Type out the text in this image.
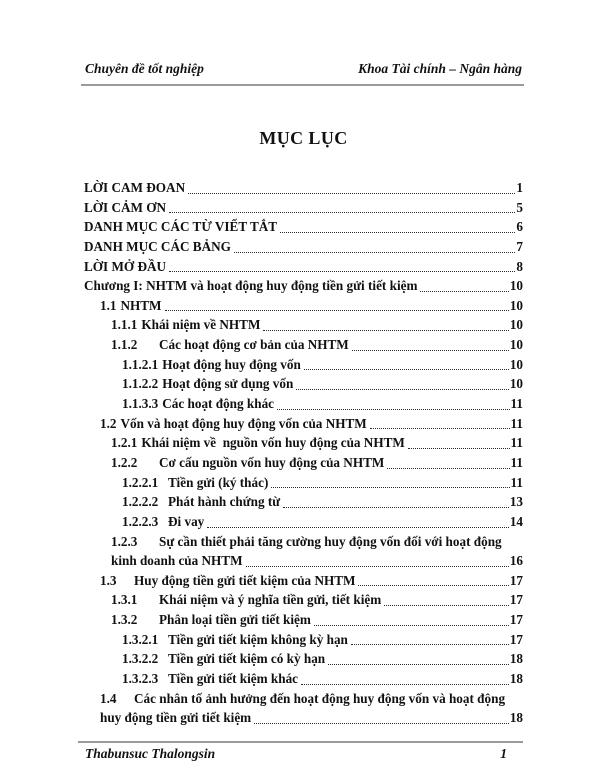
Chuyên đề tốt nghiệp	Khoa Tài chính – Ngân hàng
MỤC LỤC
LỜI CAM ĐOAN	1
LỜI CẢM ƠN	5
DANH MỤC CÁC TỪ VIẾT TẮT	6
DANH MỤC CÁC BẢNG	7
LỜI MỞ ĐẦU	8
Chương I: NHTM và hoạt động huy động tiền gửi tiết kiệm	10
1.1 NHTM	10
1.1.1 Khái niệm về NHTM	10
1.1.2	Các hoạt động cơ bản của NHTM	10
1.1.2.1 Hoạt động huy động vốn	10
1.1.2.2 Hoạt động sử dụng vốn	10
1.1.3.3 Các hoạt động khác	11
1.2 Vốn và hoạt động huy động vốn của NHTM	11
1.2.1 Khái niệm về  nguồn vốn huy động của NHTM	11
1.2.2	Cơ cấu nguồn vốn huy động của NHTM	11
1.2.2.1 Tiền gửi (ký thác)	11
1.2.2.2 Phát hành chứng từ	13
1.2.2.3 Đi vay	14
1.2.3	Sự cần thiết phải tăng cường huy động vốn đối với hoạt động
kinh doanh của NHTM	16
1.3	Huy động tiền gửi tiết kiệm của NHTM	17
1.3.1	Khái niệm và ý nghĩa tiền gửi, tiết kiệm	17
1.3.2	Phân loại tiền gửi tiết kiệm	17
1.3.2.1 Tiền gửi tiết kiệm không kỳ hạn	17
1.3.2.2 Tiền gửi tiết kiệm có kỳ hạn	18
1.3.2.3 Tiền gửi tiết kiệm khác	18
1.4	Các nhân tố ảnh hưởng đến hoạt động huy động vốn và hoạt động
huy động tiền gửi tiết kiệm	18
Thabunsuc Thalongsin	1
